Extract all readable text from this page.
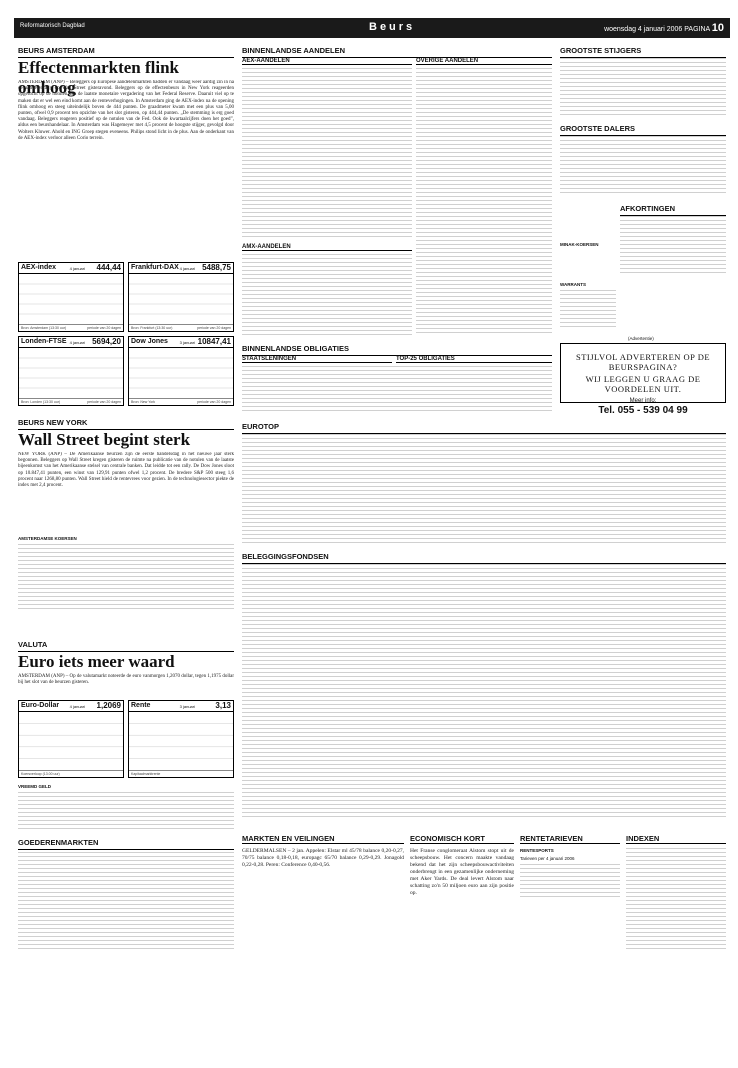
Reformatorisch Dagblad	Beurs	woensdag 4 januari 2006 PAGINA 10
BEURS AMSTERDAM
Effectenmarkten flink omhoog
AMSTERDAM (ANP) – Beleggers op Europese aandelenmarkten hadden er vandaag weer aardig zin in na de aandelenrally op Wall Street gisteravond. Beleggers op de effectenbeurs in New York reageerden opgelucht op de notulen van de laatste monetaire vergadering van het Federal Reserve. Daaruit viel op te maken dat er wel een eind komt aan de renteverhogingen. In Amsterdam ging de AEX-index na de opening flink omhoog en steeg uiteindelijk boven de 444 punten. De graadmeter kwam met een plus van 5,00 punten, ofwel 0,9 procent ten opzichte van het slot gisteren, op 444,44 punten. „De stemming is erg goed vandaag. Beleggers reageren positief op de notulen van de Fed. Ook de kwartaalcijfers doen het goed”, aldus een beurshandelaar. In Amsterdam was Hagemeyer met 4,5 procent de hoogste stijger, gevolgd door Wolters Kluwer. Ahold en ING Groep stegen eveneens. Philips stond licht in de plus. Aan de onderkant van de AEX-index verloor alleen Corio terrein.
AEX-index	4 januari 444,44
Bron: Amsterdam (13:30 uur)	periode van 20 dagen
Frankfurt-DAX 4 januari 5488,75
Bron: Frankfurt (13:30 uur)	periode van 20 dagen
Londen-FTSE 4 januari 5694,20
Bron: Londen (13:30 uur)	periode van 20 dagen
Dow Jones	3 januari 10847,41
Bron: New York	periode van 20 dagen
BEURS NEW YORK
Wall Street begint sterk
NEW YORK (ANP) – De Amerikaanse beurzen zijn de eerste handelsdag in het nieuwe jaar sterk begonnen. Beleggers op Wall Street kregen gisteren de ruimte na publicatie van de notulen van de laatste bijeenkomst van het Amerikaanse stelsel van centrale banken. Dat leidde tot een rally. De Dow Jones sloot op 10.847,41 punten, een winst van 129,91 punten ofwel 1,2 procent. De bredere S&P 500 steeg 1,6 procent naar 1268,80 punten. Wall Street hield de rentevrees voor gezien. In de technologiesector piekte de index met 2,4 procent.
AMSTERDAMSE KOERSEN
VALUTA
Euro iets meer waard
AMSTERDAM (ANP) – Op de valutamarkt noteerde de euro vanmorgen 1,2070 dollar, tegen 1,1975 dollar bij het slot van de beurzen gisteren.
Euro-Dollar	4 januari 1,2069
Koersverloop (13.00 uur)
Rente	3 januari	3,13
Kapitaalmarktrente
VREEMD GELD
GOEDERENMARKTEN
BINNENLANDSE AANDELEN
AEX-AANDELEN
AMX-AANDELEN
OVERIGE AANDELEN
GROOTSTE STIJGERS
GROOTSTE DALERS
AFKORTINGEN
MINAK-KOERSEN
WARRANTS
(Advertentie)
STIJLVOL ADVERTEREN OP DE BEURSPAGINA?
WIJ LEGGEN U GRAAG DE VOORDELEN UIT.
Meer info:
Tel. 055 - 539 04 99
BINNENLANDSE OBLIGATIES
STAATSLENINGEN	TOP-25 OBLIGATIES
EUROTOP
BELEGGINGSFONDSEN
MARKTEN EN VEILINGEN
GELDERMALSEN – 2 jan. Appelen: Elstar ml 45/78 balance 0,20-0,27, 70/75 balance 0,18-0,18, europagc 65/70 balance 0,29-0,29. Jonagold 0,22-0,28. Peren: Conference 0,40-0,56.
ECONOMISCH KORT
Het Franse conglomeraat Alstom stopt uit de scheepsbouw. Het concern maakte vandaag bekend dat het zijn scheepsbouwactiviteiten onderbrengt in een gezamenlijke onderneming met Aker Yards. De deal levert Alstom naar schatting zo'n 50 miljoen euro aan zijn positie op.
RENTETARIEVEN
RENTESPORTS
Tarieven per 4 januari 2006
INDEXEN
